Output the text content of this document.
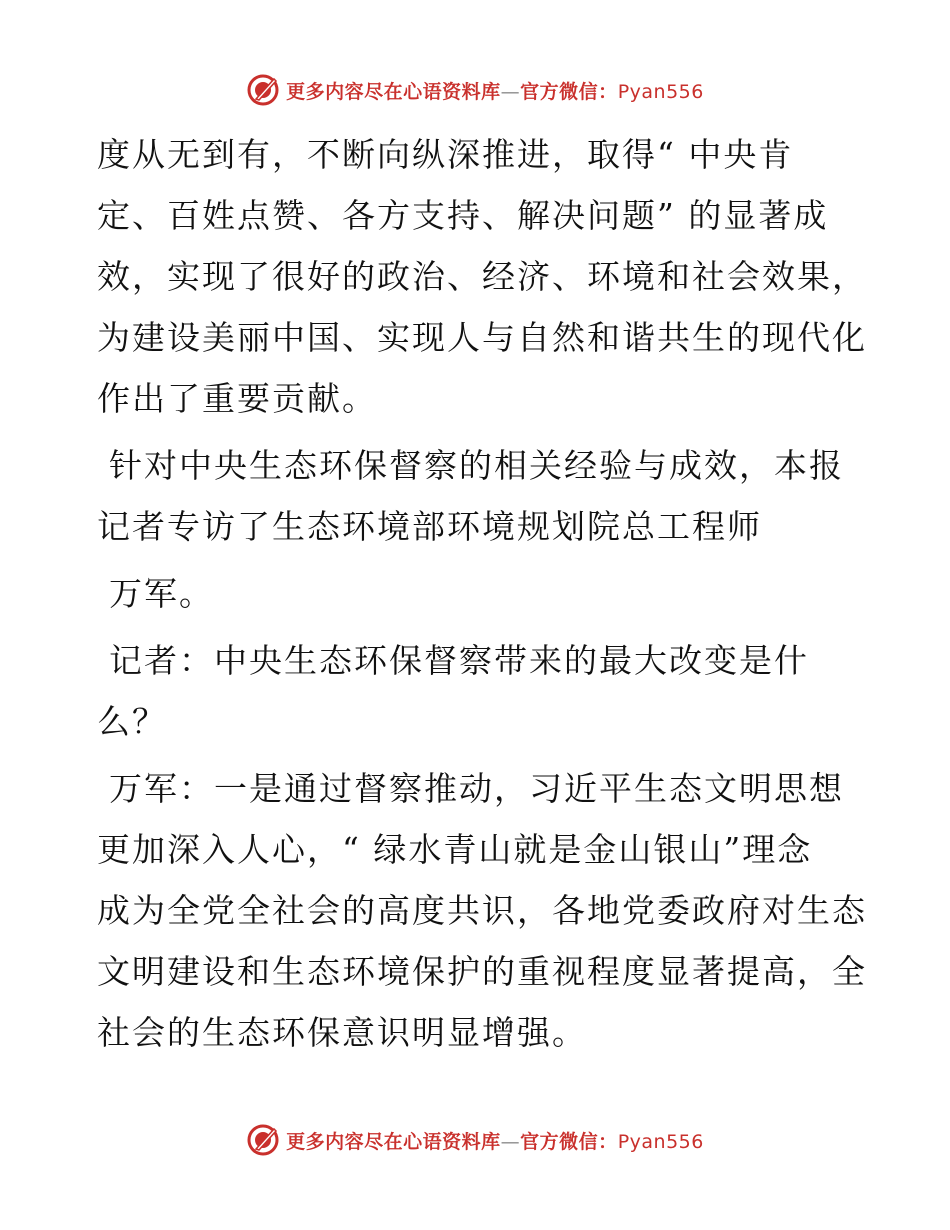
更多内容尽在心语资料库—官方微信：Pyan556

度从无到有，不断向纵深推进，取得“ 中央肯
定、百姓点赞、各方支持、解决问题” 的显著成
效，实现了很好的政治、经济、环境和社会效果，
为建设美丽中国、实现人与自然和谐共生的现代化
作出了重要贡献。

针对中央生态环保督察的相关经验与成效，本报
记者专访了生态环境部环境规划院总工程师

万军。

记者：中央生态环保督察带来的最大改变是什
么？

万军：一是通过督察推动，习近平生态文明思想
更加深入人心，“ 绿水青山就是金山银山”理念
成为全党全社会的高度共识，各地党委政府对生态
文明建设和生态环境保护的重视程度显著提高，全
社会的生态环保意识明显增强。

更多内容尽在心语资料库—官方微信：Pyan556
